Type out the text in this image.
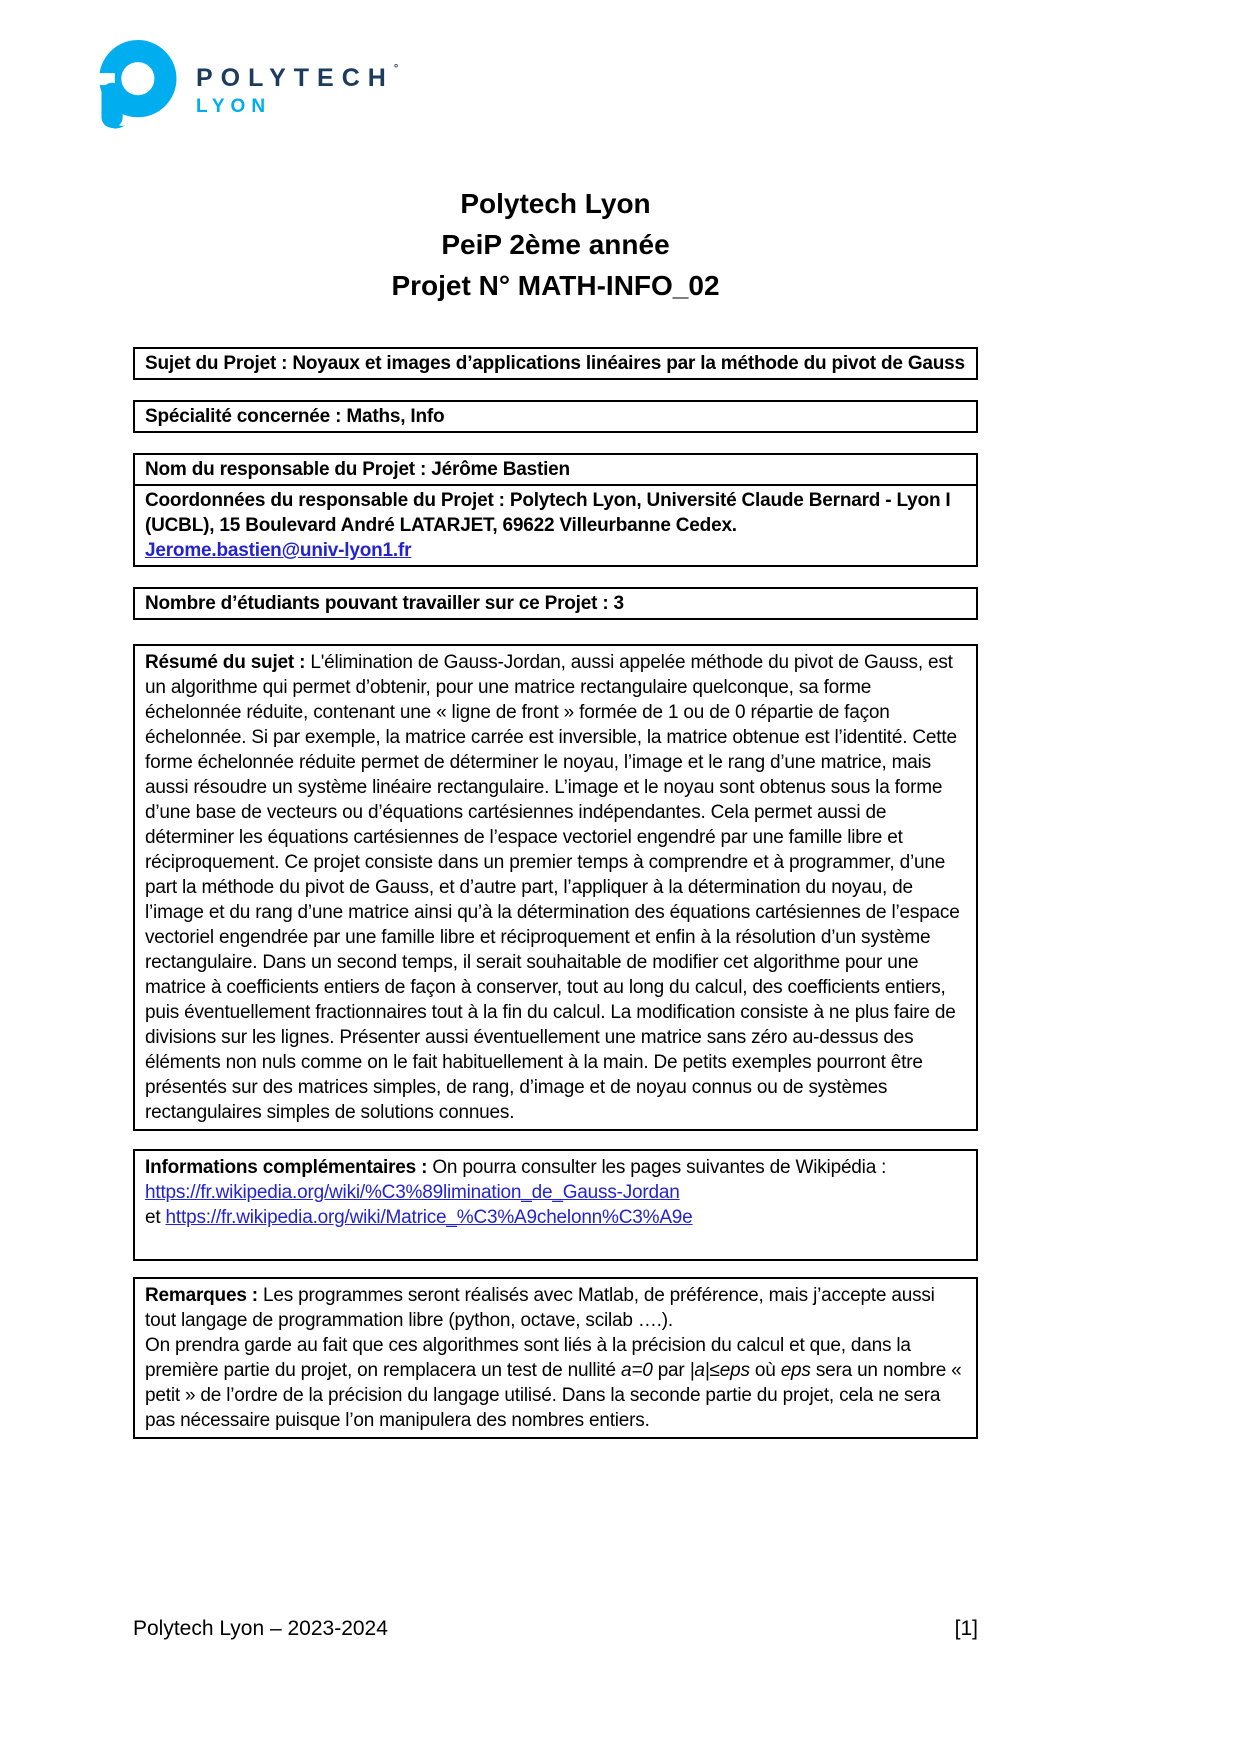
POLYTECH°
LYON
Polytech Lyon
PeiP 2ème année
Projet N° MATH-INFO_02
Sujet du Projet : Noyaux et images d’applications linéaires par la méthode du pivot de Gauss
Spécialité concernée : Maths, Info
Nom du responsable du Projet : Jérôme Bastien
Coordonnées du responsable du Projet : Polytech Lyon, Université Claude Bernard - Lyon I (UCBL), 15 Boulevard André LATARJET, 69622 Villeurbanne Cedex.
Jerome.bastien@univ-lyon1.fr
Nombre d’étudiants pouvant travailler sur ce Projet : 3
Résumé du sujet : L'élimination de Gauss-Jordan, aussi appelée méthode du pivot de Gauss, est un algorithme qui permet d’obtenir, pour une matrice rectangulaire quelconque, sa forme échelonnée réduite, contenant une « ligne de front » formée de 1 ou de 0 répartie de façon échelonnée. Si par exemple, la matrice carrée est inversible, la matrice obtenue est l’identité. Cette forme échelonnée réduite permet de déterminer le noyau, l’image et le rang d’une matrice, mais aussi résoudre un système linéaire rectangulaire. L’image et le noyau sont obtenus sous la forme d’une base de vecteurs ou d’équations cartésiennes indépendantes. Cela permet aussi de déterminer les équations cartésiennes de l’espace vectoriel engendré par une famille libre et réciproquement. Ce projet consiste dans un premier temps à comprendre et à programmer, d’une part la méthode du pivot de Gauss, et d’autre part, l’appliquer à la détermination du noyau, de l’image et du rang d’une matrice ainsi qu’à la détermination des équations cartésiennes de l’espace vectoriel engendrée par une famille libre et réciproquement et enfin à la résolution d’un système rectangulaire. Dans un second temps, il serait souhaitable de modifier cet algorithme pour une matrice à coefficients entiers de façon à conserver, tout au long du calcul, des coefficients entiers, puis éventuellement fractionnaires tout à la fin du calcul. La modification consiste à ne plus faire de divisions sur les lignes. Présenter aussi éventuellement une matrice sans zéro au-dessus des éléments non nuls comme on le fait habituellement à la main. De petits exemples pourront être présentés sur des matrices simples, de rang, d’image et de noyau connus ou de systèmes rectangulaires simples de solutions connues.
Informations complémentaires : On pourra consulter les pages suivantes de Wikipédia :
https://fr.wikipedia.org/wiki/%C3%89limination_de_Gauss-Jordan
et https://fr.wikipedia.org/wiki/Matrice_%C3%A9chelonn%C3%A9e
Remarques : Les programmes seront réalisés avec Matlab, de préférence, mais j’accepte aussi tout langage de programmation libre (python, octave, scilab ….).
On prendra garde au fait que ces algorithmes sont liés à la précision du calcul et que, dans la première partie du projet, on remplacera un test de nullité a=0 par |a|≤eps où eps sera un nombre « petit » de l’ordre de la précision du langage utilisé. Dans la seconde partie du projet, cela ne sera pas nécessaire puisque l’on manipulera des nombres entiers.
Polytech Lyon – 2023-2024	[1]
